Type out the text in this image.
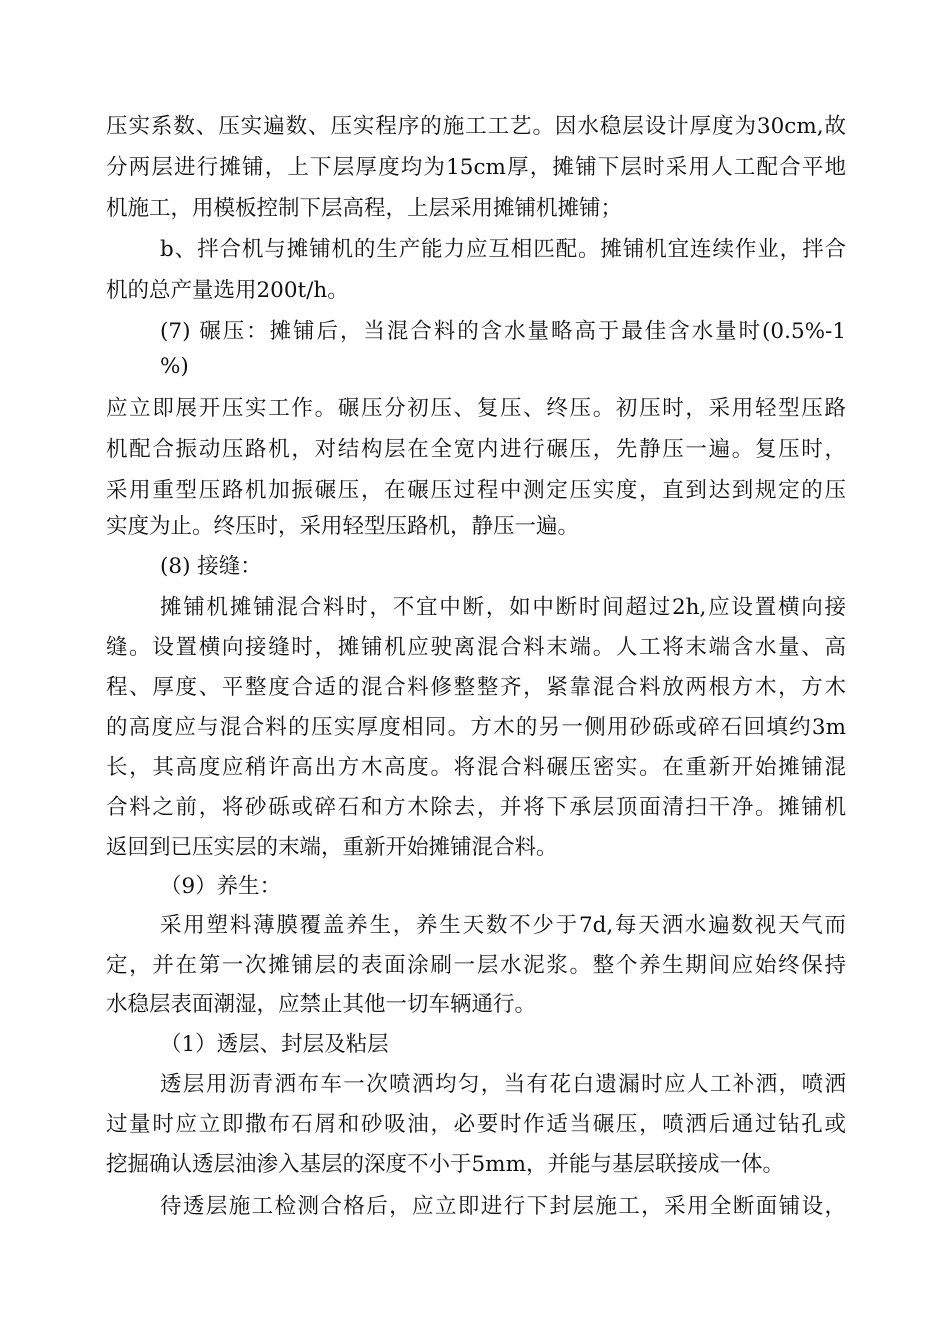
压实系数、压实遍数、压实程序的施工工艺。因水稳层设计厚度为30cm,故
分两层进行摊铺，上下层厚度均为15cm厚，摊铺下层时采用人工配合平地
机施工，用模板控制下层高程，上层采用摊铺机摊铺；
b、拌合机与摊铺机的生产能力应互相匹配。摊铺机宜连续作业，拌合
机的总产量选用200t/h。
(7) 碾压：摊铺后，当混合料的含水量略高于最佳含水量时(0.5%-1
%)
应立即展开压实工作。碾压分初压、复压、终压。初压时，采用轻型压路
机配合振动压路机，对结构层在全宽内进行碾压，先静压一遍。复压时，
采用重型压路机加振碾压，在碾压过程中测定压实度，直到达到规定的压
实度为止。终压时，采用轻型压路机，静压一遍。
(8) 接缝：
摊铺机摊铺混合料时，不宜中断，如中断时间超过2h,应设置横向接
缝。设置横向接缝时，摊铺机应驶离混合料末端。人工将末端含水量、高
程、厚度、平整度合适的混合料修整整齐，紧靠混合料放两根方木，方木
的高度应与混合料的压实厚度相同。方木的另一侧用砂砾或碎石回填约3m
长，其高度应稍许高出方木高度。将混合料碾压密实。在重新开始摊铺混
合料之前，将砂砾或碎石和方木除去，并将下承层顶面清扫干净。摊铺机
返回到已压实层的末端，重新开始摊铺混合料。
（9）养生：
采用塑料薄膜覆盖养生，养生天数不少于7d,每天洒水遍数视天气而
定，并在第一次摊铺层的表面涂刷一层水泥浆。整个养生期间应始终保持
水稳层表面潮湿，应禁止其他一切车辆通行。
（1）透层、封层及粘层
透层用沥青洒布车一次喷洒均匀，当有花白遗漏时应人工补洒，喷洒
过量时应立即撒布石屑和砂吸油，必要时作适当碾压，喷洒后通过钻孔或
挖掘确认透层油渗入基层的深度不小于5mm，并能与基层联接成一体。
待透层施工检测合格后，应立即进行下封层施工，采用全断面铺设，
